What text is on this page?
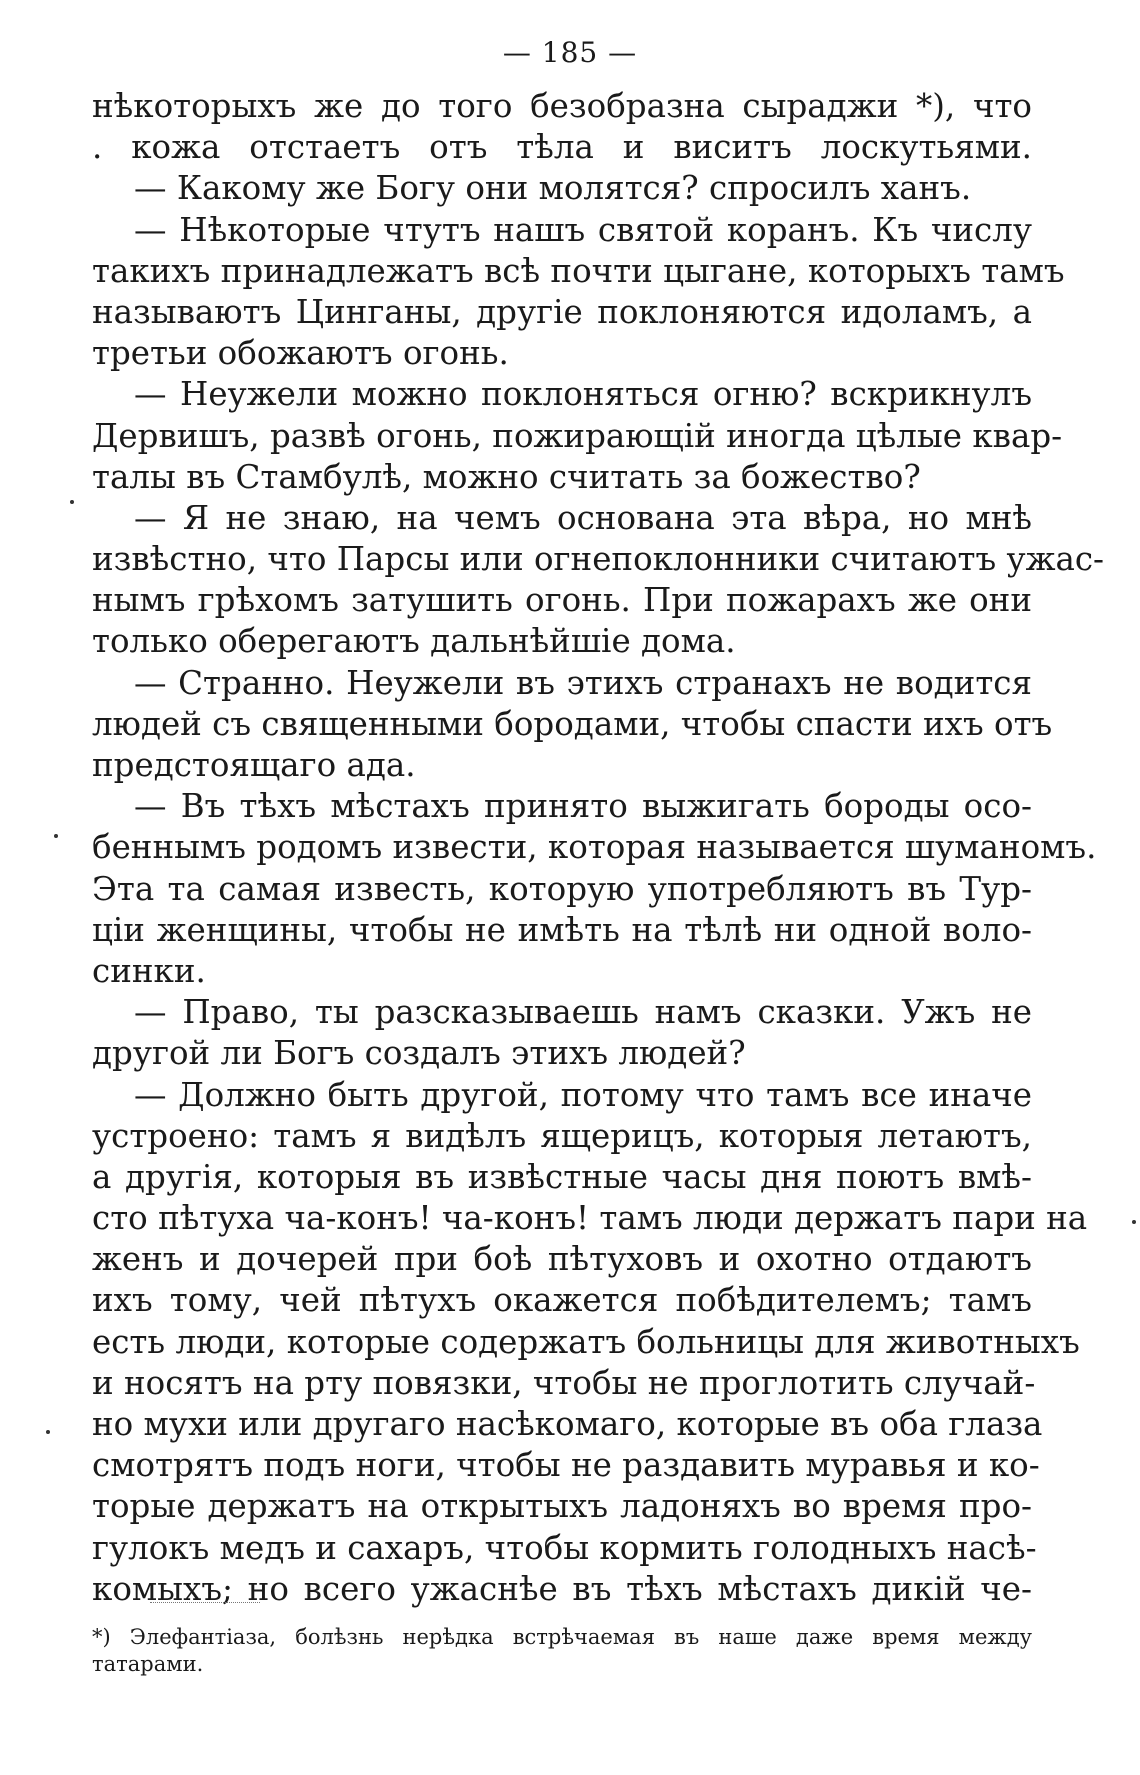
— 185 —
нѣкоторыхъ же до того безобразна сыраджи *), что
. кожа отстаетъ отъ тѣла и виситъ лоскутьями.
— Какому же Богу они молятся? спросилъ ханъ.
— Нѣкоторые чтутъ нашъ святой коранъ. Къ числу
такихъ принадлежатъ всѣ почти цыгане, которыхъ тамъ
называютъ Цинганы, другіе поклоняются идоламъ, а
третьи обожаютъ огонь.
— Неужели можно поклоняться огню? вскрикнулъ
Дервишъ, развѣ огонь, пожирающій иногда цѣлые квар-
талы въ Стамбулѣ, можно считать за божество?
— Я не знаю, на чемъ основана эта вѣра, но мнѣ
извѣстно, что Парсы или огнепоклонники считаютъ ужас-
нымъ грѣхомъ затушить огонь. При пожарахъ же они
только оберегаютъ дальнѣйшіе дома.
— Странно. Неужели въ этихъ странахъ не водится
людей съ священными бородами, чтобы спасти ихъ отъ
предстоящаго ада.
— Въ тѣхъ мѣстахъ принято выжигать бороды осо-
беннымъ родомъ извести, которая называется шуманомъ.
Эта та самая известь, которую употребляютъ въ Тур-
ціи женщины, чтобы не имѣть на тѣлѣ ни одной воло-
синки.
— Право, ты разсказываешь намъ сказки. Ужъ не
другой ли Богъ создалъ этихъ людей?
— Должно быть другой, потому что тамъ все иначе
устроено: тамъ я видѣлъ ящерицъ, которыя летаютъ,
а другія, которыя въ извѣстные часы дня поютъ вмѣ-
сто пѣтуха ча-конъ! ча-конъ! тамъ люди держатъ пари на
женъ и дочерей при боѣ пѣтуховъ и охотно отдаютъ
ихъ тому, чей пѣтухъ окажется побѣдителемъ; тамъ
есть люди, которые содержатъ больницы для животныхъ
и носятъ на рту повязки, чтобы не проглотить случай-
но мухи или другаго насѣкомаго, которые въ оба глаза
смотрятъ подъ ноги, чтобы не раздавить муравья и ко-
торые держатъ на открытыхъ ладоняхъ во время про-
гулокъ медъ и сахаръ, чтобы кормить голодныхъ насѣ-
комыхъ; но всего ужаснѣе въ тѣхъ мѣстахъ дикій че-
*) Элефантіаза, болѣзнь нерѣдка встрѣчаемая въ наше даже время между
татарами.
